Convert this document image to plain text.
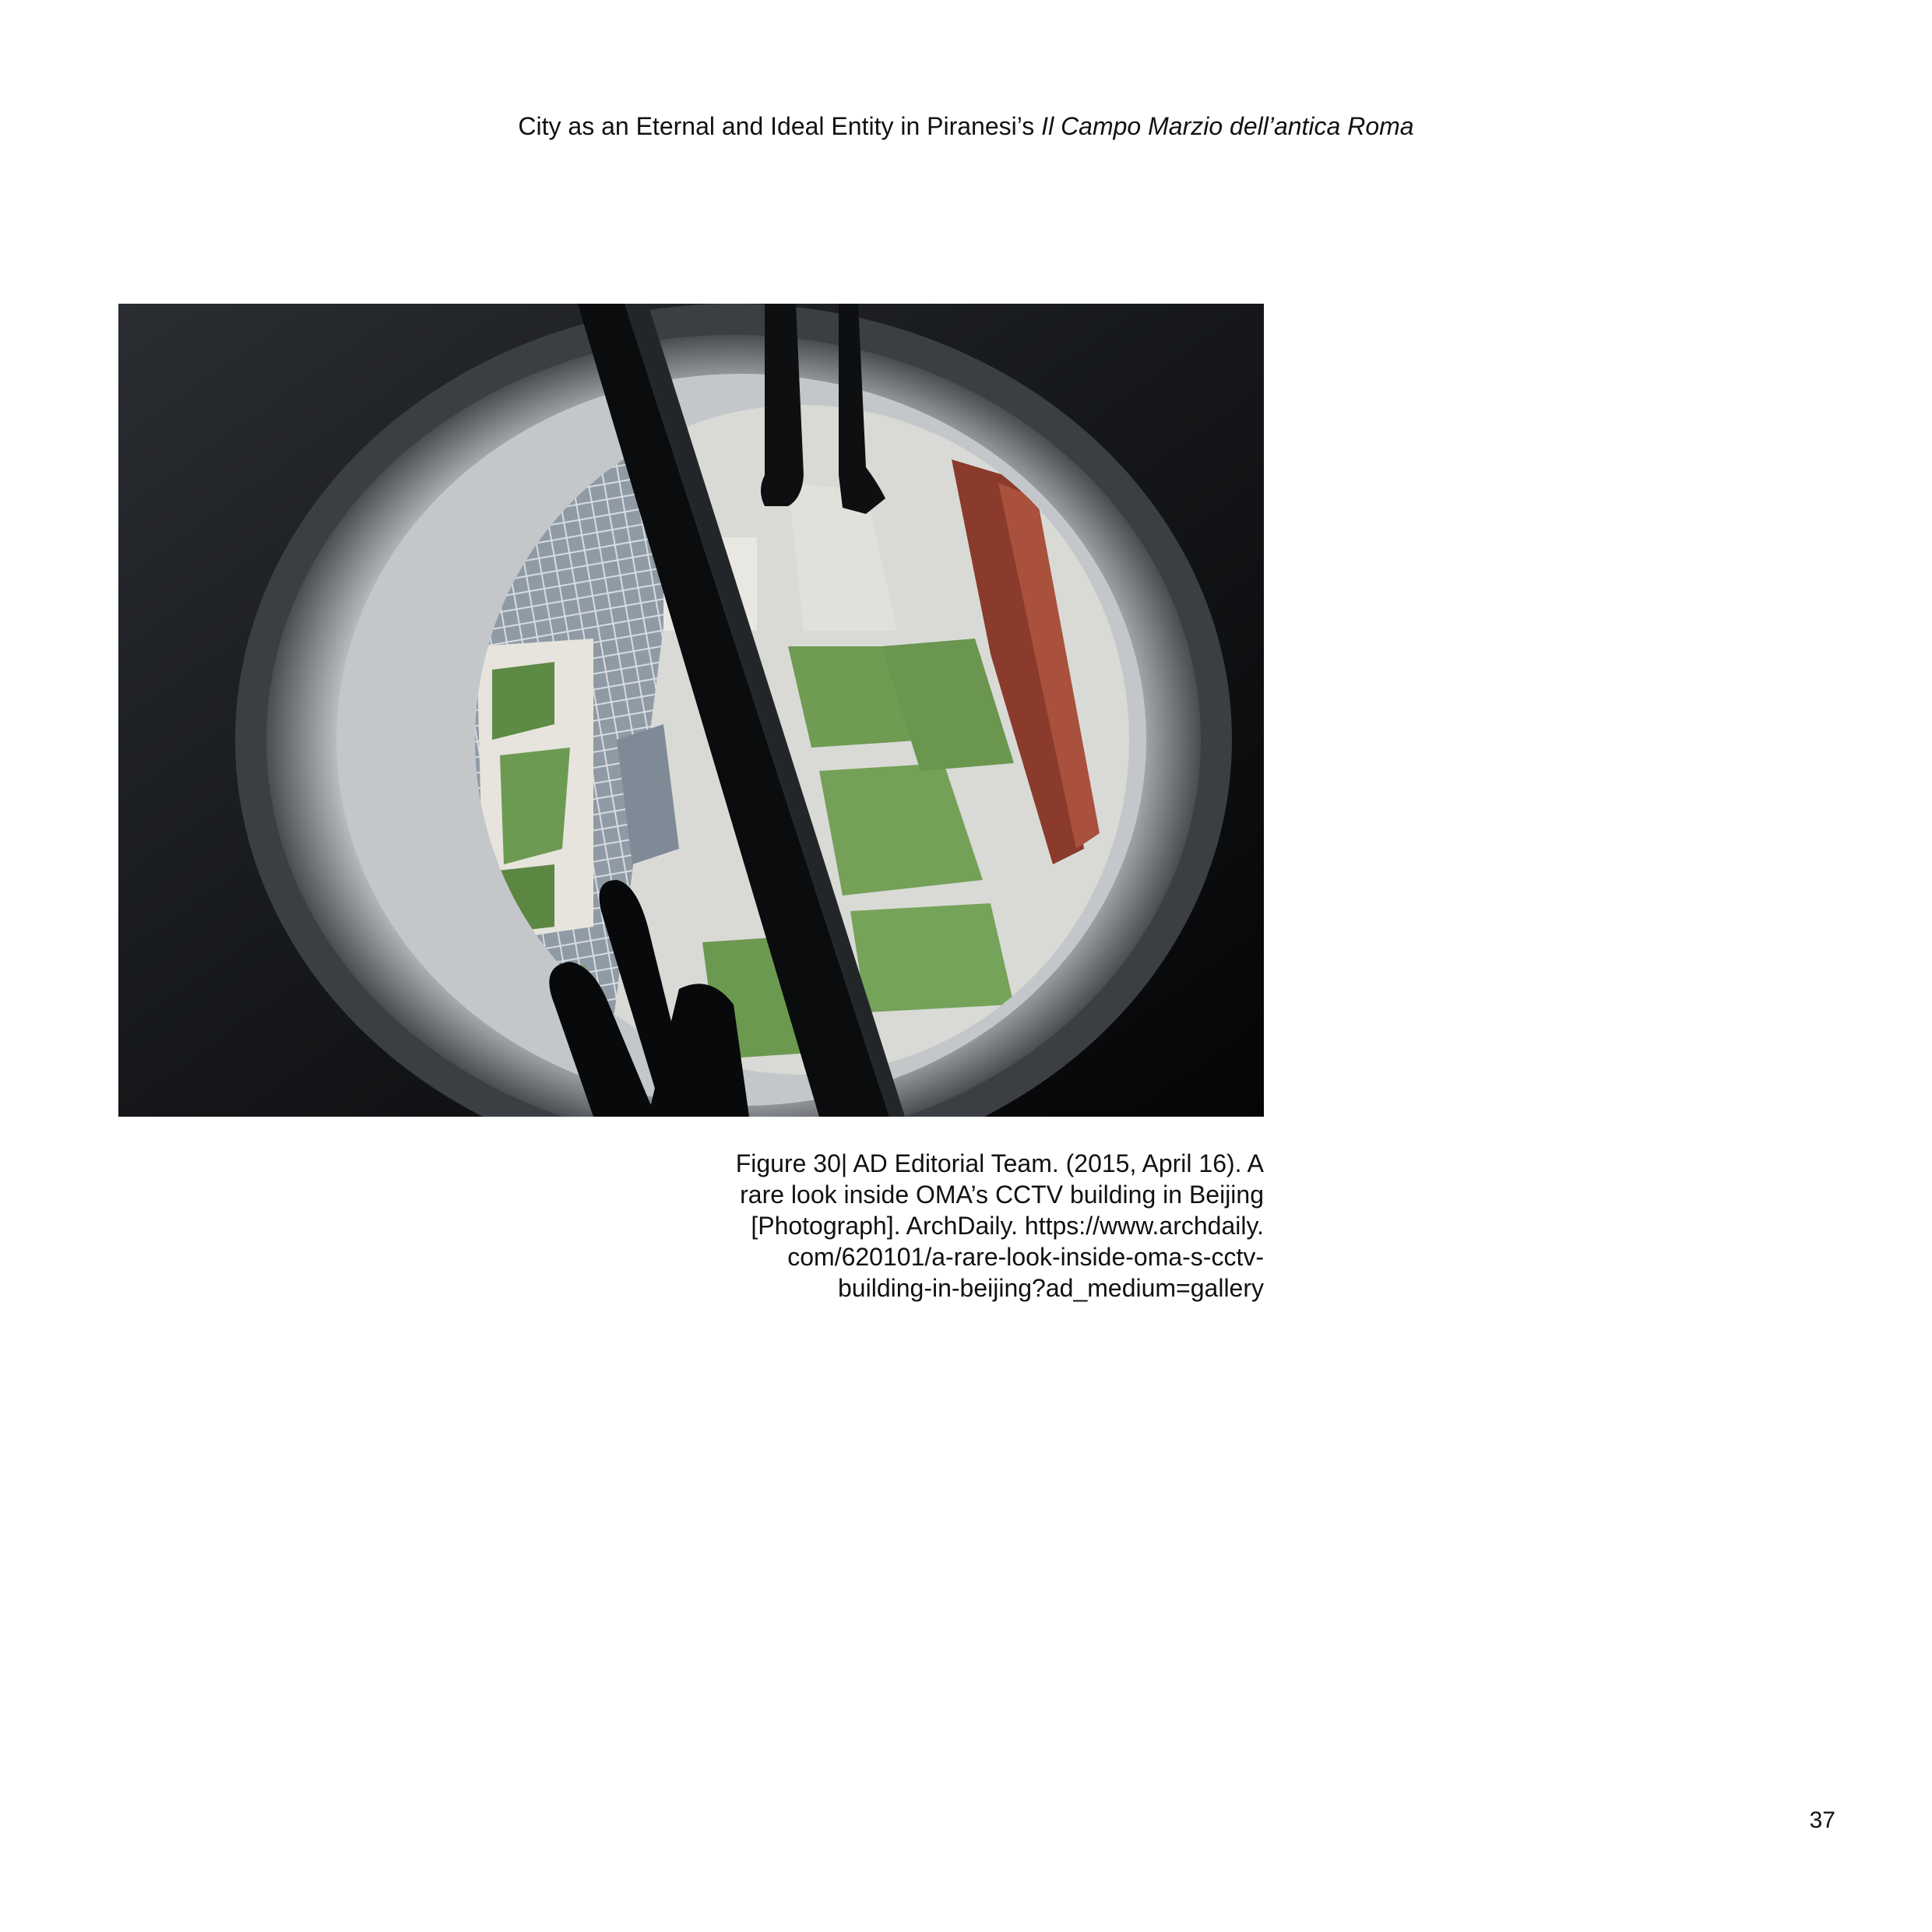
City as an Eternal and Ideal Entity in Piranesi’s Il Campo Marzio dell’antica Roma
Figure 30| AD Editorial Team. (2015, April 16). A
rare look inside OMA’s CCTV building in Beijing
[Photograph]. ArchDaily. https://www.archdaily.
com/620101/a-rare-look-inside-oma-s-cctv-
building-in-beijing?ad_medium=gallery
37
